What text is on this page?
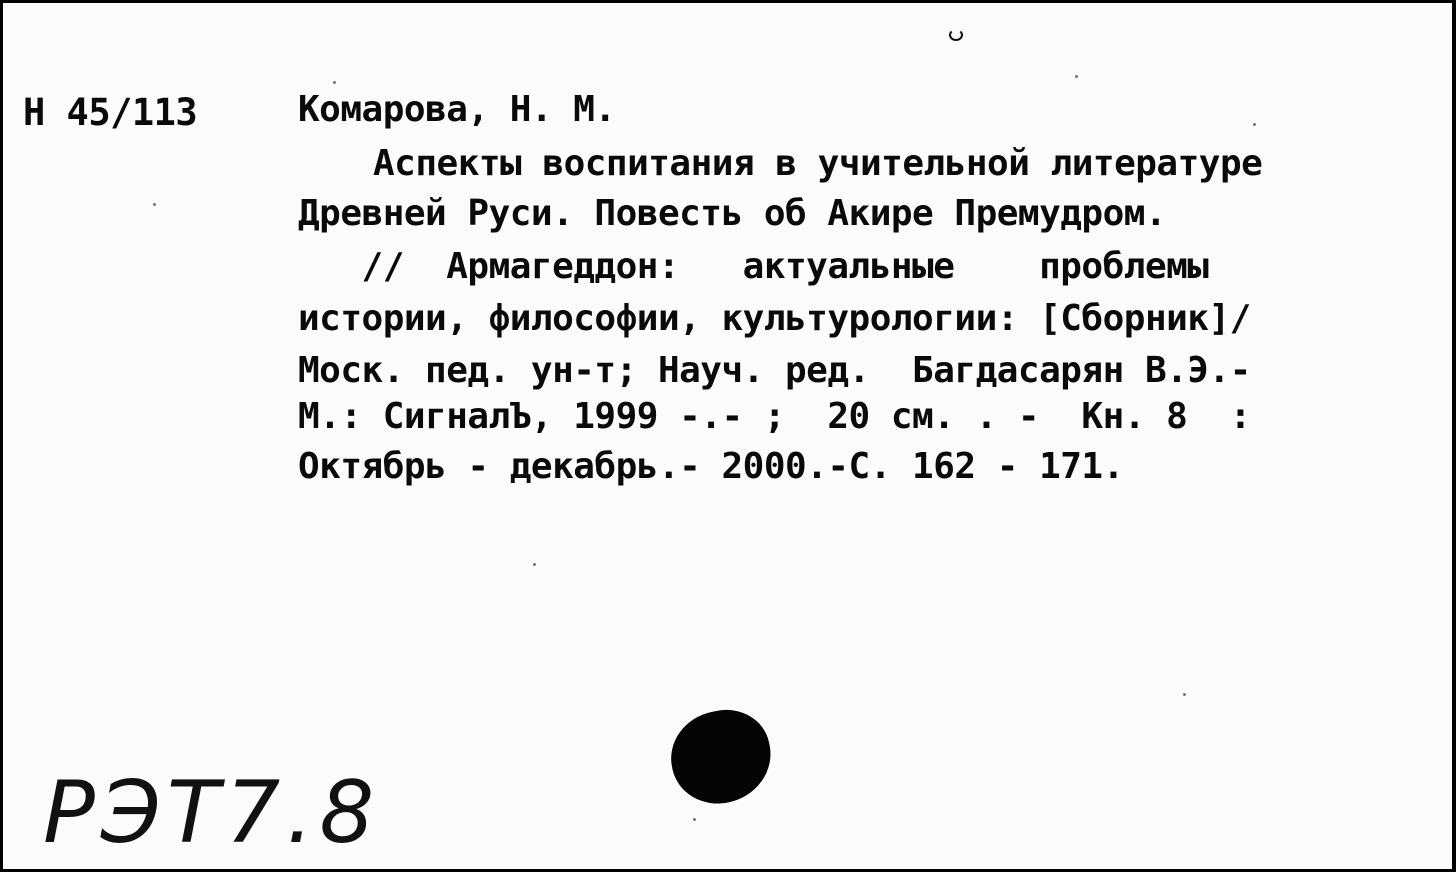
Н 45/113	Комарова, Н. М.
Аспекты воспитания в учительной литературе
Древней Руси. Повесть об Акире Премудром.
//  Армагеддон:   актуальные    проблемы
истории, философии, культурологии: [Сборник]/
Моск. пед. ун-т; Науч. ред.  Багдасарян В.Э.-
М.: СигналЪ, 1999 -.- ;  20 см. . -  Кн. 8  :
Октябрь - декабрь.- 2000.-С. 162 - 171.
РЭТ7.8
